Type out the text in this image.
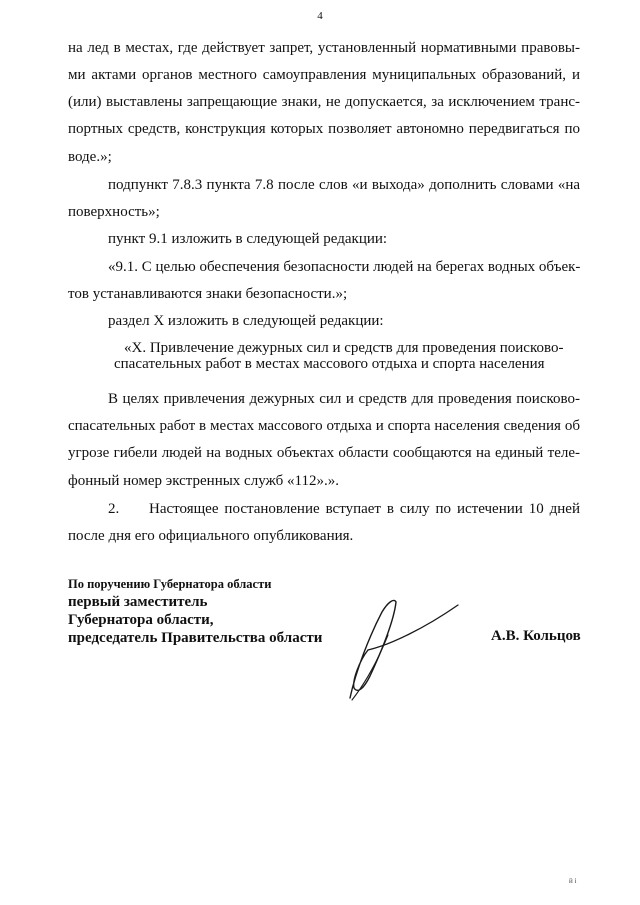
4
на лед в местах, где действует запрет, установленный нормативными правовы-
ми актами органов местного самоуправления муниципальных образований, и
(или) выставлены запрещающие знаки, не допускается, за исключением транс-
портных средств, конструкция которых позволяет автономно передвигаться по
воде.»;
подпункт 7.8.3 пункта 7.8 после слов «и выхода» дополнить словами «на
поверхность»;
пункт 9.1 изложить в следующей редакции:
«9.1. С целью обеспечения безопасности людей на берегах водных объек-
тов устанавливаются знаки безопасности.»;
раздел X изложить в следующей редакции:
«X. Привлечение дежурных сил и средств для проведения поисково-
спасательных работ в местах массового отдыха и спорта населения
В целях привлечения дежурных сил и средств для проведения поисково-
спасательных работ в местах массового отдыха и спорта населения сведения об
угрозе гибели людей на водных объектах области сообщаются на единый теле-
фонный номер экстренных служб «112».».
2. Настоящее постановление вступает в силу по истечении 10 дней
после дня его официального опубликования.
По поручению Губернатора области
первый заместитель
Губернатора области,
председатель Правительства области	А.В. Кольцов
й і
